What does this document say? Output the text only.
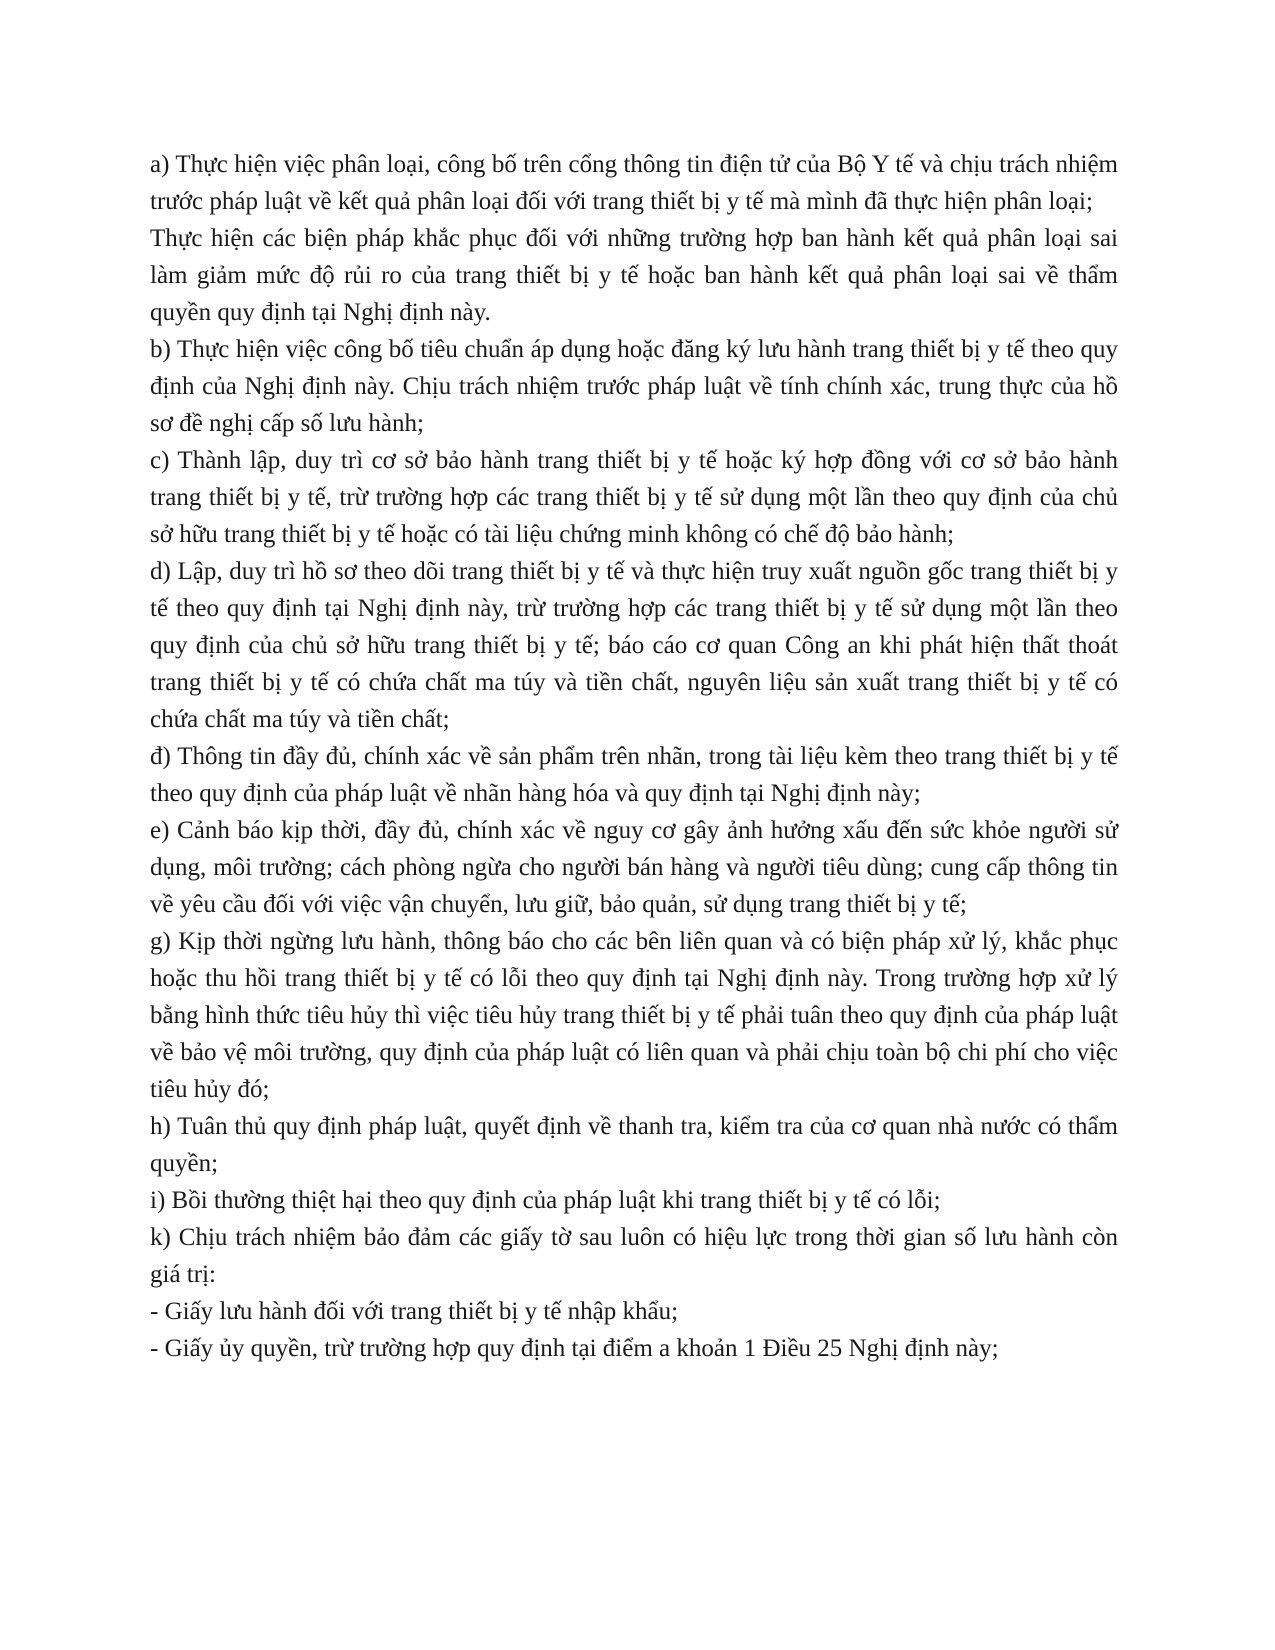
a) Thực hiện việc phân loại, công bố trên cổng thông tin điện tử của Bộ Y tế và chịu trách nhiệm trước pháp luật về kết quả phân loại đối với trang thiết bị y tế mà mình đã thực hiện phân loại;

Thực hiện các biện pháp khắc phục đối với những trường hợp ban hành kết quả phân loại sai làm giảm mức độ rủi ro của trang thiết bị y tế hoặc ban hành kết quả phân loại sai về thẩm quyền quy định tại Nghị định này.

b) Thực hiện việc công bố tiêu chuẩn áp dụng hoặc đăng ký lưu hành trang thiết bị y tế theo quy định của Nghị định này. Chịu trách nhiệm trước pháp luật về tính chính xác, trung thực của hồ sơ đề nghị cấp số lưu hành;

c) Thành lập, duy trì cơ sở bảo hành trang thiết bị y tế hoặc ký hợp đồng với cơ sở bảo hành trang thiết bị y tế, trừ trường hợp các trang thiết bị y tế sử dụng một lần theo quy định của chủ sở hữu trang thiết bị y tế hoặc có tài liệu chứng minh không có chế độ bảo hành;

d) Lập, duy trì hồ sơ theo dõi trang thiết bị y tế và thực hiện truy xuất nguồn gốc trang thiết bị y tế theo quy định tại Nghị định này, trừ trường hợp các trang thiết bị y tế sử dụng một lần theo quy định của chủ sở hữu trang thiết bị y tế; báo cáo cơ quan Công an khi phát hiện thất thoát trang thiết bị y tế có chứa chất ma túy và tiền chất, nguyên liệu sản xuất trang thiết bị y tế có chứa chất ma túy và tiền chất;

đ) Thông tin đầy đủ, chính xác về sản phẩm trên nhãn, trong tài liệu kèm theo trang thiết bị y tế theo quy định của pháp luật về nhãn hàng hóa và quy định tại Nghị định này;

e) Cảnh báo kịp thời, đầy đủ, chính xác về nguy cơ gây ảnh hưởng xấu đến sức khỏe người sử dụng, môi trường; cách phòng ngừa cho người bán hàng và người tiêu dùng; cung cấp thông tin về yêu cầu đối với việc vận chuyển, lưu giữ, bảo quản, sử dụng trang thiết bị y tế;

g) Kịp thời ngừng lưu hành, thông báo cho các bên liên quan và có biện pháp xử lý, khắc phục hoặc thu hồi trang thiết bị y tế có lỗi theo quy định tại Nghị định này. Trong trường hợp xử lý bằng hình thức tiêu hủy thì việc tiêu hủy trang thiết bị y tế phải tuân theo quy định của pháp luật về bảo vệ môi trường, quy định của pháp luật có liên quan và phải chịu toàn bộ chi phí cho việc tiêu hủy đó;

h) Tuân thủ quy định pháp luật, quyết định về thanh tra, kiểm tra của cơ quan nhà nước có thẩm quyền;

i) Bồi thường thiệt hại theo quy định của pháp luật khi trang thiết bị y tế có lỗi;

k) Chịu trách nhiệm bảo đảm các giấy tờ sau luôn có hiệu lực trong thời gian số lưu hành còn giá trị:

- Giấy lưu hành đối với trang thiết bị y tế nhập khẩu;

- Giấy ủy quyền, trừ trường hợp quy định tại điểm a khoản 1 Điều 25 Nghị định này;
